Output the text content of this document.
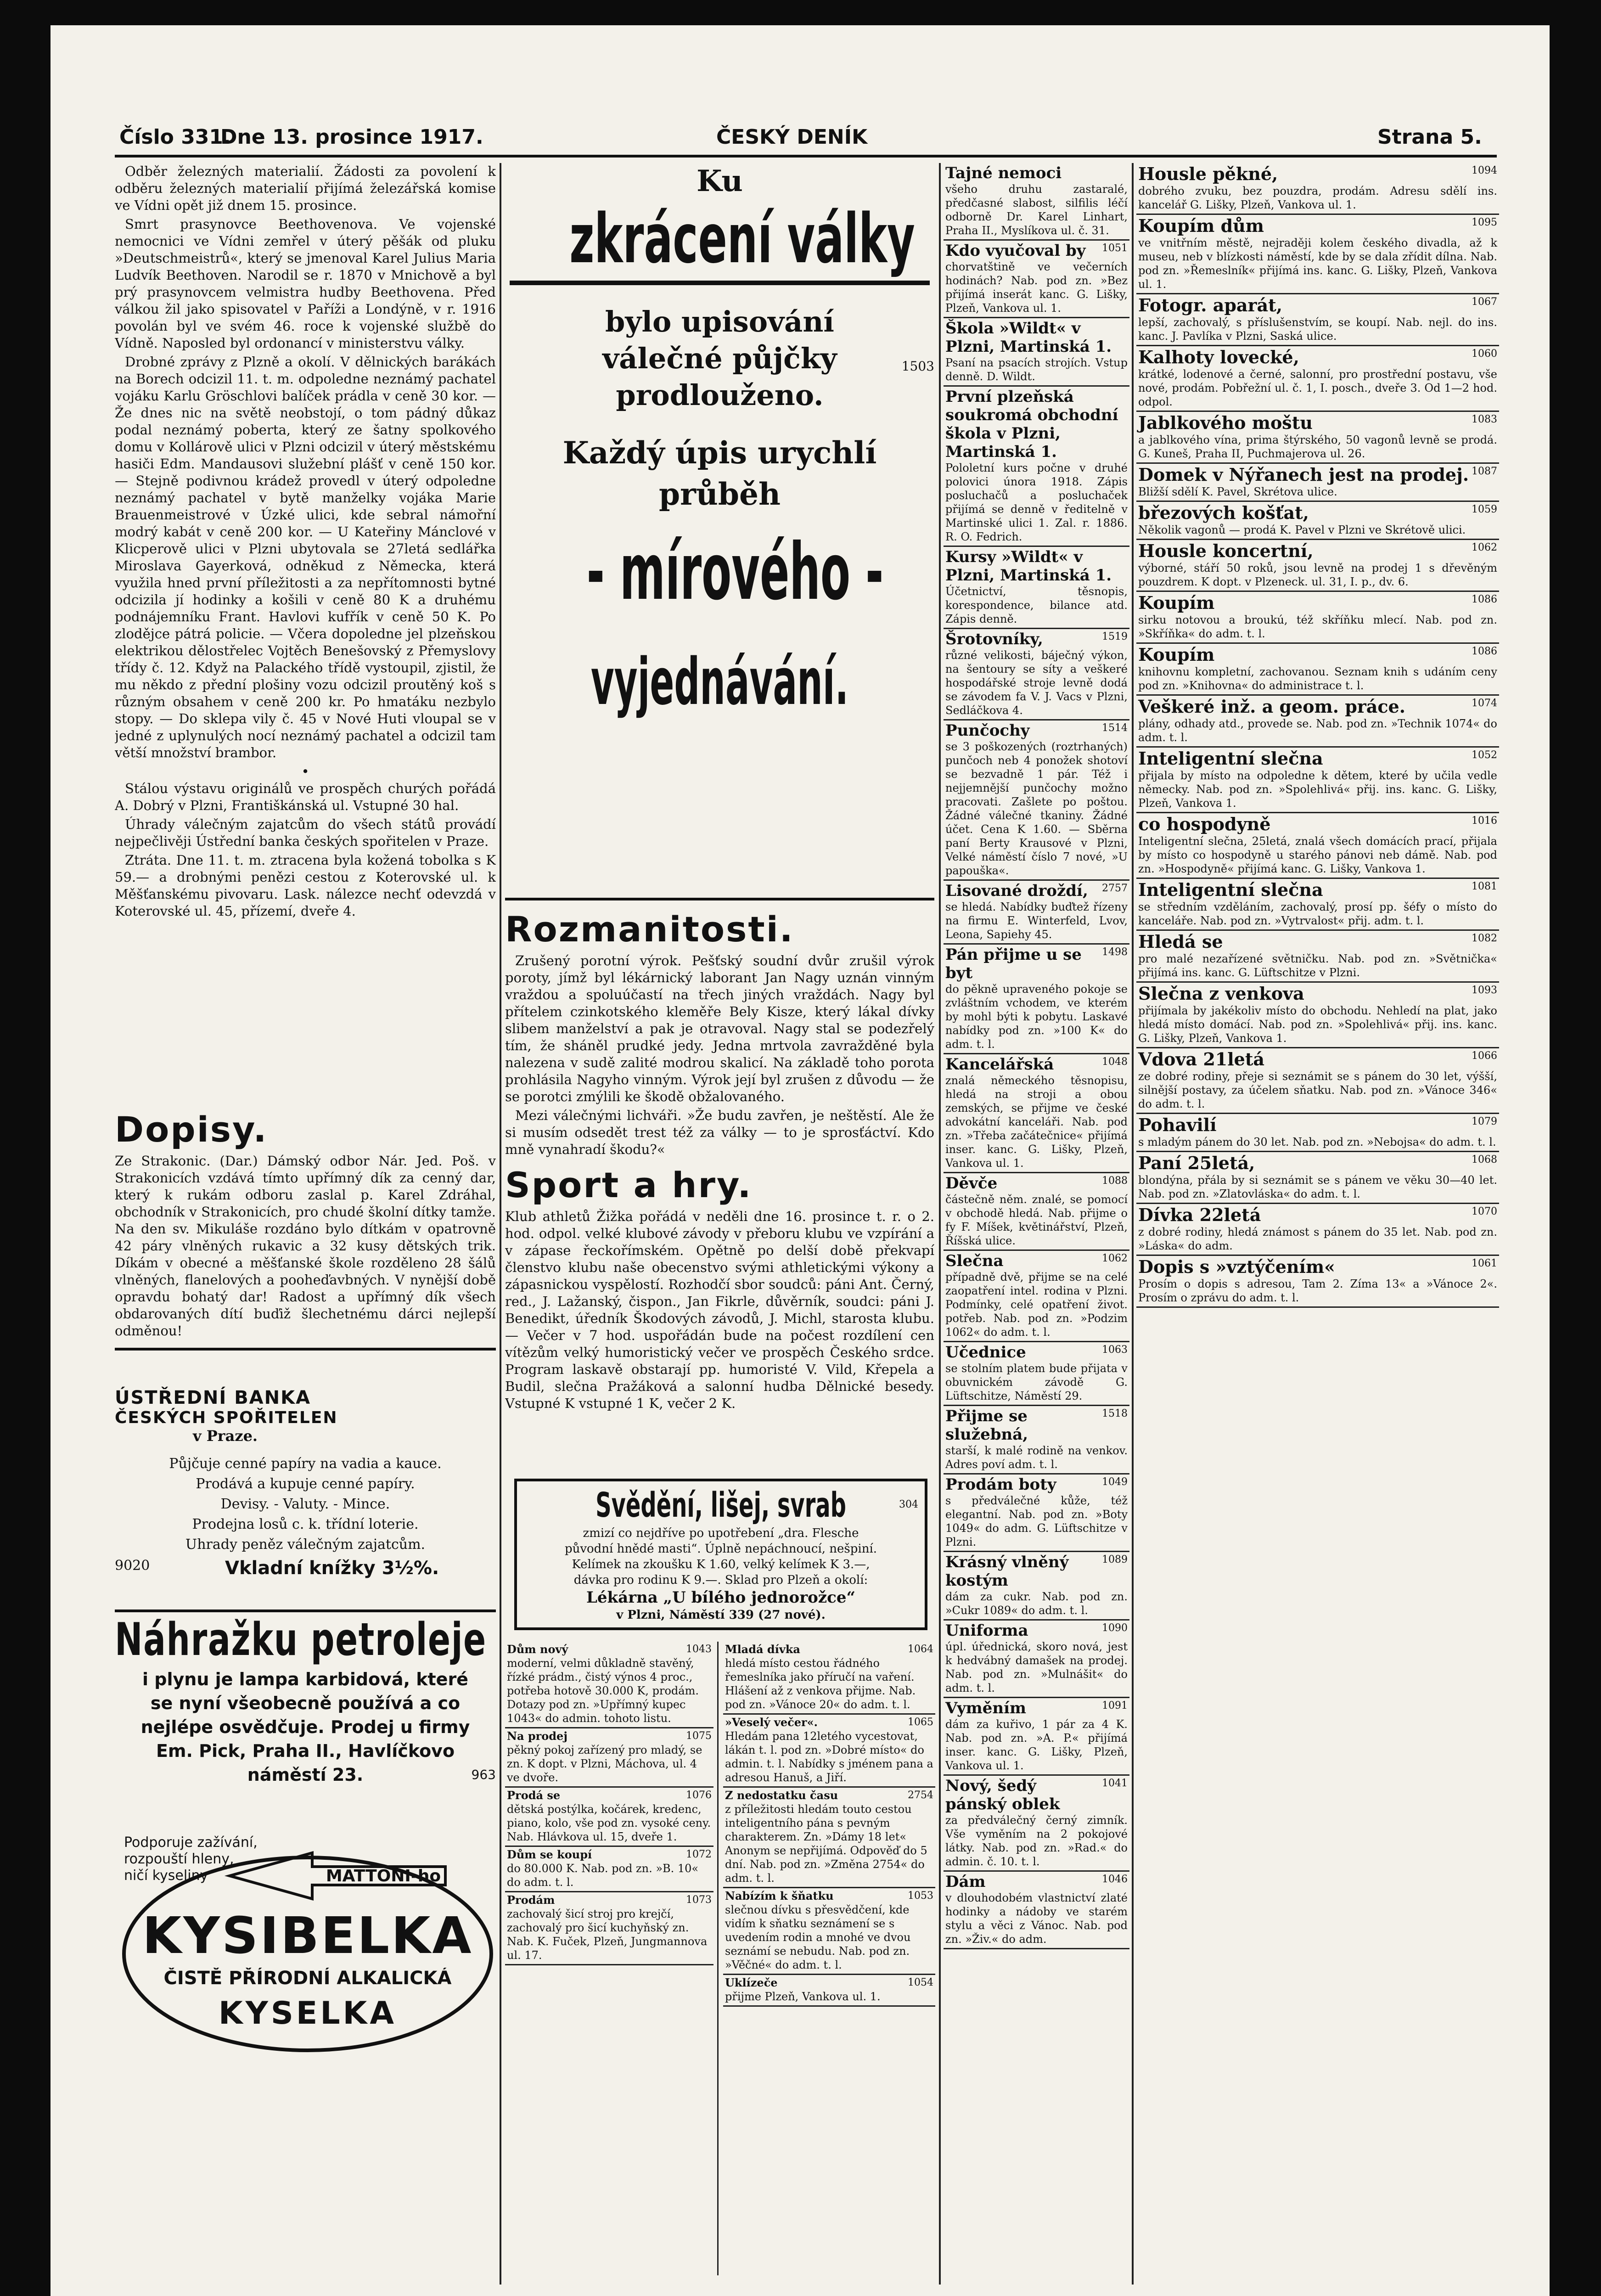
Číslo 331.
Dne 13. prosince 1917.	ČESKÝ DENÍK	Strana 5.

Odběr železných materialií. Žádosti za povolení k odběru železných materialií přijímá železářská komise ve Vídni opět již dnem 15. prosince.

Smrt prasynovce Beethovenova. Ve vojenské nemocnici ve Vídni zemřel v úterý pěšák od pluku »Deutschmeistrů«, který se jmenoval Karel Julius Maria Ludvík Beethoven. Narodil se r. 1870 v Mnichově a byl prý prasynovcem velmistra hudby Beethovena. Před válkou žil jako spisovatel v Paříži a Londýně, v r. 1916 povolán byl ve svém 46. roce k vojenské službě do Vídně. Naposled byl ordonancí v ministerstvu války.

Drobné zprávy z Plzně a okolí. V dělnických barákách na Borech odcizil 11. t. m. odpoledne neznámý pachatel vojáku Karlu Gröschlovi balíček prádla v ceně 30 kor. — Že dnes nic na světě neobstojí, o tom pádný důkaz podal neznámý poberta, který ze šatny spolkového domu v Kollárově ulici v Plzni odcizil v úterý městskému hasiči Edm. Mandausovi služební plášť v ceně 150 kor. — Stejně podivnou krádež provedl v úterý odpoledne neznámý pachatel v bytě manželky vojáka Marie Brauenmeistrové v Úzké ulici, kde sebral námořní modrý kabát v ceně 200 kor. — U Kateřiny Mánclové v Klicperově ulici v Plzni ubytovala se 27letá sedlářka Miroslava Gayerková, odněkud z Německa, která využila hned první příležitosti a za nepřítomnosti bytné odcizila jí hodinky a košili v ceně 80 K a druhému podnájemníku Frant. Havlovi kufřík v ceně 50 K. Po zlodějce pátrá policie. — Včera dopoledne jel plzeňskou elektrikou dělostřelec Vojtěch Benešovský z Přemyslovy třídy č. 12. Když na Palackého třídě vystoupil, zjistil, že mu někdo z přední plošiny vozu odcizil proutěný koš s různým obsahem v ceně 200 kr. Po hmatáku nezbylo stopy. — Do sklepa vily č. 45 v Nové Huti vloupal se v jedné z uplynulých nocí neznámý pachatel a odcizil tam větší množství brambor.

•

Stálou výstavu originálů ve prospěch churých pořádá A. Dobrý v Plzni, Františkánská ul. Vstupné 30 hal.

Úhrady válečným zajatcům do všech států provádí nejpečlivěji Ústřední banka českých spořitelen v Praze.

Ztráta. Dne 11. t. m. ztracena byla kožená tobolka s K 59.— a drobnými penězi cestou z Koterovské ul. k Měšťanskému pivovaru. Lask. nálezce nechť odevzdá v Koterovské ul. 45, přízemí, dveře 4.

Dopisy.
Ze Strakonic. (Dar.) Dámský odbor Nár. Jed. Poš. v Strakonicích vzdává tímto upřímný dík za cenný dar, který k rukám odboru zaslal p. Karel Zdráhal, obchodník v Strakonicích, pro chudé školní dítky tamže. Na den sv. Mikuláše rozdáno bylo dítkám v opatrovně 42 páry vlněných rukavic a 32 kusy dětských trik. Díkám v obecné a měšťanské škole rozděleno 28 šálů vlněných, flanelových a pooheďavbných. V nynější době opravdu bohatý dar! Radost a upřímný dík všech obdarovaných dítí buďiž šlechetnému dárci nejlepší odměnou!
ÚSTŘEDNÍ BANKA
ČESKÝCH SPOŘITELEN
v Praze.
Půjčuje cenné papíry na vadia a kauce.
Prodává a kupuje cenné papíry.
Devisy. - Valuty. - Mince.
Prodejna losů c. k. třídní loterie.
Uhrady peněz válečným zajatcům.
9020	Vkladní knížky 3½%.
Náhražku petroleje
i plynu je lampa karbidová, které
se nyní všeobecně používá a co
nejlépe osvědčuje. Prodej u firmy
Em. Pick, Praha II., Havlíčkovo
náměstí 23.	963
Podporuje zažívání,
rozpouští hleny,
ničí kyseliny	MATTONI-ho
KYSIBELKA
ČISTĚ PŘÍRODNÍ ALKALICKÁ
KYSELKA
Ku
zkrácení války
bylo upisování
válečné půjčky	1503
prodlouženo.
Každý úpis urychlí
průběh
- mírového -
vyjednávání.
Rozmanitosti.

Zrušený porotní výrok. Pešťský soudní dvůr zrušil výrok poroty, jímž byl lékárnický laborant Jan Nagy uznán vinným vraždou a spoluúčastí na třech jiných vraždách. Nagy byl přítelem czinkotského kleměře Bely Kisze, který lákal dívky slibem manželství a pak je otravoval. Nagy stal se podezřelý tím, že sháněl prudké jedy. Jedna mrtvola zavražděné byla nalezena v sudě zalité modrou skalicí. Na základě toho porota prohlásila Nagyho vinným. Výrok její byl zrušen z důvodu — že se porotci zmýlili ke škodě obžalovaného.

Mezi válečnými lichváři. »Že budu zavřen, je neštěstí. Ale že si musím odsedět trest též za války — to je sprosťáctví. Kdo mně vynahradí škodu?«

Sport a hry.
Klub athletů Žižka pořádá v neděli dne 16. prosince t. r. o 2. hod. odpol. velké klubové závody v přeboru klubu ve vzpírání a v zápase řeckořímském. Opětně po delší době překvapí členstvo klubu naše obecenstvo svými athletickými výkony a zápasnickou vyspělostí. Rozhodčí sbor soudců: páni Ant. Černý, red., J. Lažanský, čispon., Jan Fikrle, důvěrník, soudci: páni J. Benedikt, úředník Škodových závodů, J. Michl, starosta klubu. — Večer v 7 hod. uspořádán bude na počest rozdílení cen vítězům velký humoristický večer ve prospěch Českého srdce. Program laskavě obstarají pp. humoristé V. Vild, Křepela a Budil, slečna Pražáková a salonní hudba Dělnické besedy. Vstupné K vstupné 1 K, večer 2 K.
Svědění, lišej, svrab	304
zmizí co nejdříve po upotřebení „dra. Flesche
původní hnědé masti“. Úplně nepáchnoucí, nešpiní.
Kelímek na zkoušku K 1.60, velký kelímek K 3.—,
dávka pro rodinu K 9.—. Sklad pro Plzeň a okolí:
Lékárna „U bílého jednorožce“
v Plzni, Náměstí 339 (27 nové).
Dům nový	1043
moderní, velmi důkladně stavěný, řízké prádm., čistý výnos 4 proc., potřeba hotově 30.000 K, prodám. Dotazy pod zn. »Upřímný kupec 1043« do admin. tohoto listu.
Na prodej	1075
pěkný pokoj zařízený pro mladý, se zn. K dopt. v Plzni, Máchova, ul. 4 ve dvoře.
Prodá se	1076
dětská postýlka, kočárek, kredenc, piano, kolo, vše pod zn. vysoké ceny. Nab. Hlávkova ul. 15, dveře 1.
Dům se koupí	1072
do 80.000 K. Nab. pod zn. »B. 10« do adm. t. l.
Prodám	1073
zachovalý šicí stroj pro krejčí, zachovalý pro šicí kuchyňský zn. Nab. K. Fuček, Plzeň, Jungmannova ul. 17.
Mladá dívka	1064
hledá místo cestou řádného řemeslníka jako příručí na vaření. Hlášení až z venkova přijme. Nab. pod zn. »Vánoce 20« do adm. t. l.
»Veselý večer«.	1065
Hledám pana 12letého vycestovat, lákán t. l. pod zn. »Dobré místo« do admin. t. l. Nabídky s jménem pana a adresou Hanuš, a Jiří.
Z nedostatku času	2754
z příležitosti hledám touto cestou inteligentního pána s pevným charakterem. Zn. »Dámy 18 let« Anonym se nepřijímá. Odpověď do 5 dní. Nab. pod zn. »Změna 2754« do adm. t. l.
Nabízím k šňatku	1053
slečnou dívku s přesvědčení, kde vidím k sňatku seznámení se s uvedením rodin a mnohé ve dvou seznámí se nebudu. Nab. pod zn. »Věčné« do adm. t. l.
Uklízeče	1054
přijme Plzeň, Vankova ul. 1.
Tajné nemoci
všeho druhu zastaralé, předčasné slabost, silfilis léčí odborně Dr. Karel Linhart, Praha II., Myslíkova ul. č. 31.
1051
Kdo vyučoval by
chorvatštině ve večerních hodinách? Nab. pod zn. »Bez přijímá inserát kanc. G. Lišky, Plzeň, Vankova ul. 1.
Škola »Wildt« v Plzni, Martinská 1.
Psaní na psacích strojích. Vstup denně. D. Wildt.
První plzeňská soukromá obchodní škola v Plzni, Martinská 1.
Pololetní kurs počne v druhé polovici února 1918. Zápis posluchačů a posluchaček přijímá se denně v ředitelně v Martinské ulici 1. Zal. r. 1886. R. O. Fedrich.
Kursy »Wildt« v Plzni, Martinská 1.
Účetnictví, těsnopis, korespondence, bilance atd. Zápis denně.
1519
Šrotovníky,
různé velikosti, báječný výkon, na šentoury se síty a veškeré hospodářské stroje levně dodá se závodem fa V. J. Vacs v Plzni, Sedláčkova 4.
1514
Punčochy
se 3 poškozených (roztrhaných) punčoch neb 4 ponožek shotoví se bezvadně 1 pár. Též i nejjemnější punčochy možno pracovati. Zašlete po poštou. Žádné válečné tkaniny. Žádné účet. Cena K 1.60. — Sběrna paní Berty Krausové v Plzni, Velké náměstí číslo 7 nové, »U papouška«.
2757
Lisované droždí,
se hledá. Nabídky buďtež řízeny na firmu E. Winterfeld, Lvov, Leona, Sapiehy 45.
1498
Pán přijme u se byt
do pěkně upraveného pokoje se zvláštním vchodem, ve kterém by mohl býti k pobytu. Laskavé nabídky pod zn. »100 K« do adm. t. l.
1048
Kancelářská
znalá německého těsnopisu, hledá na stroji a obou zemských, se přijme ve české advokátní kanceláři. Nab. pod zn. »Třeba začátečnice« přijímá inser. kanc. G. Lišky, Plzeň, Vankova ul. 1.
1088
Děvče
částečně něm. znalé, se pomocí v obchodě hledá. Nab. přijme o fy F. Míšek, květinářství, Plzeň, Říšská ulice.
1062
Slečna
případně dvě, přijme se na celé zaopatření intel. rodina v Plzni. Podmínky, celé opatření život. potřeb. Nab. pod zn. »Podzim 1062« do adm. t. l.
1063
Učednice
se stolním platem bude přijata v obuvnickém závodě G. Lüftschitze, Náměstí 29.
1518
Přijme se služebná,
starší, k malé rodině na venkov. Adres poví adm. t. l.
1049
Prodám boty
s předválečné kůže, též elegantní. Nab. pod zn. »Boty 1049« do adm. G. Lüftschitze v Plzni.
1089
Krásný vlněný kostým
dám za cukr. Nab. pod zn. »Cukr 1089« do adm. t. l.
1090
Uniforma
úpl. úřednická, skoro nová, jest k hedvábný damašek na prodej. Nab. pod zn. »Mulnášit« do adm. t. l.
1091
Vyměním
dám za kuřivo, 1 pár za 4 K. Nab. pod zn. »A. P.« přijímá inser. kanc. G. Lišky, Plzeň, Vankova ul. 1.
1041
Nový, šedý pánský oblek
za předválečný černý zimník. Vše vyměním na 2 pokojové látky. Nab. pod zn. »Rad.« do admin. č. 10. t. l.
1046
Dám
v dlouhodobém vlastnictví zlaté hodinky a nádoby ve starém stylu a věci z Vánoc. Nab. pod zn. »Živ.« do adm.
1094
Housle pěkné,
dobrého zvuku, bez pouzdra, prodám. Adresu sdělí ins. kancelář G. Lišky, Plzeň, Vankova ul. 1.
1095
Koupím dům
ve vnitřním městě, nejraději kolem českého divadla, až k museu, neb v blízkosti náměstí, kde by se dala zřídit dílna. Nab. pod zn. »Řemeslník« přijímá ins. kanc. G. Lišky, Plzeň, Vankova ul. 1.
1067
Fotogr. aparát,
lepší, zachovalý, s příslušenstvím, se koupí. Nab. nejl. do ins. kanc. J. Pavlíka v Plzni, Saská ulice.
1060
Kalhoty lovecké,
krátké, lodenové a černé, salonní, pro prostřední postavu, vše nové, prodám. Pobřežní ul. č. 1, I. posch., dveře 3. Od 1—2 hod. odpol.
1083
Jablkového moštu
a jablkového vína, prima štýrského, 50 vagonů levně se prodá. G. Kuneš, Praha II, Puchmajerova ul. 26.
1087
Domek v Nýřanech jest na prodej.
Bližší sdělí K. Pavel, Skrétova ulice.
1059
březových košťat,
Několik vagonů — prodá K. Pavel v Plzni ve Skrétově ulici.
1062
Housle koncertní,
výborné, stáří 50 roků, jsou levně na prodej 1 s dřevěným pouzdrem. K dopt. v Plzeneck. ul. 31, I. p., dv. 6.
1086
Koupím
sirku notovou a broukú, též skříňku mlecí. Nab. pod zn. »Skříňka« do adm. t. l.
1086
Koupím
knihovnu kompletní, zachovanou. Seznam knih s udáním ceny pod zn. »Knihovna« do administrace t. l.
1074
Veškeré inž. a geom. práce.
plány, odhady atd., provede se. Nab. pod zn. »Technik 1074« do adm. t. l.
1052
Inteligentní slečna
přijala by místo na odpoledne k dětem, které by učila vedle německy. Nab. pod zn. »Spolehlivá« přij. ins. kanc. G. Lišky, Plzeň, Vankova 1.
1016
co hospodyně
Inteligentní slečna, 25letá, znalá všech domácích prací, přijala by místo co hospodyně u starého pánovi neb dámě. Nab. pod zn. »Hospodyně« přijímá kanc. G. Lišky, Vankova 1.
1081
Inteligentní slečna
se středním vzděláním, zachovalý, prosí pp. šéfy o místo do kanceláře. Nab. pod zn. »Vytrvalost« přij. adm. t. l.
1082
Hledá se
pro malé nezařízené světničku. Nab. pod zn. »Světnička« přijímá ins. kanc. G. Lüftschitze v Plzni.
1093
Slečna z venkova
přijímala by jakékoliv místo do obchodu. Nehledí na plat, jako hledá místo domácí. Nab. pod zn. »Spolehlivá« přij. ins. kanc. G. Lišky, Plzeň, Vankova 1.
1066
Vdova 21letá
ze dobré rodiny, přeje si seznámit se s pánem do 30 let, výšší, silnější postavy, za účelem sňatku. Nab. pod zn. »Vánoce 346« do adm. t. l.
1079
Pohavilí
s mladým pánem do 30 let. Nab. pod zn. »Nebojsa« do adm. t. l.
1068
Paní 25letá,
blondýna, přála by si seznámit se s pánem ve věku 30—40 let. Nab. pod zn. »Zlatovláska« do adm. t. l.
1070
Dívka 22letá
z dobré rodiny, hledá známost s pánem do 35 let. Nab. pod zn. »Láska« do adm.
1061
Dopis s »vztýčením«
Prosím o dopis s adresou, Tam 2. Zíma 13« a »Vánoce 2«. Prosím o zprávu do adm. t. l.
